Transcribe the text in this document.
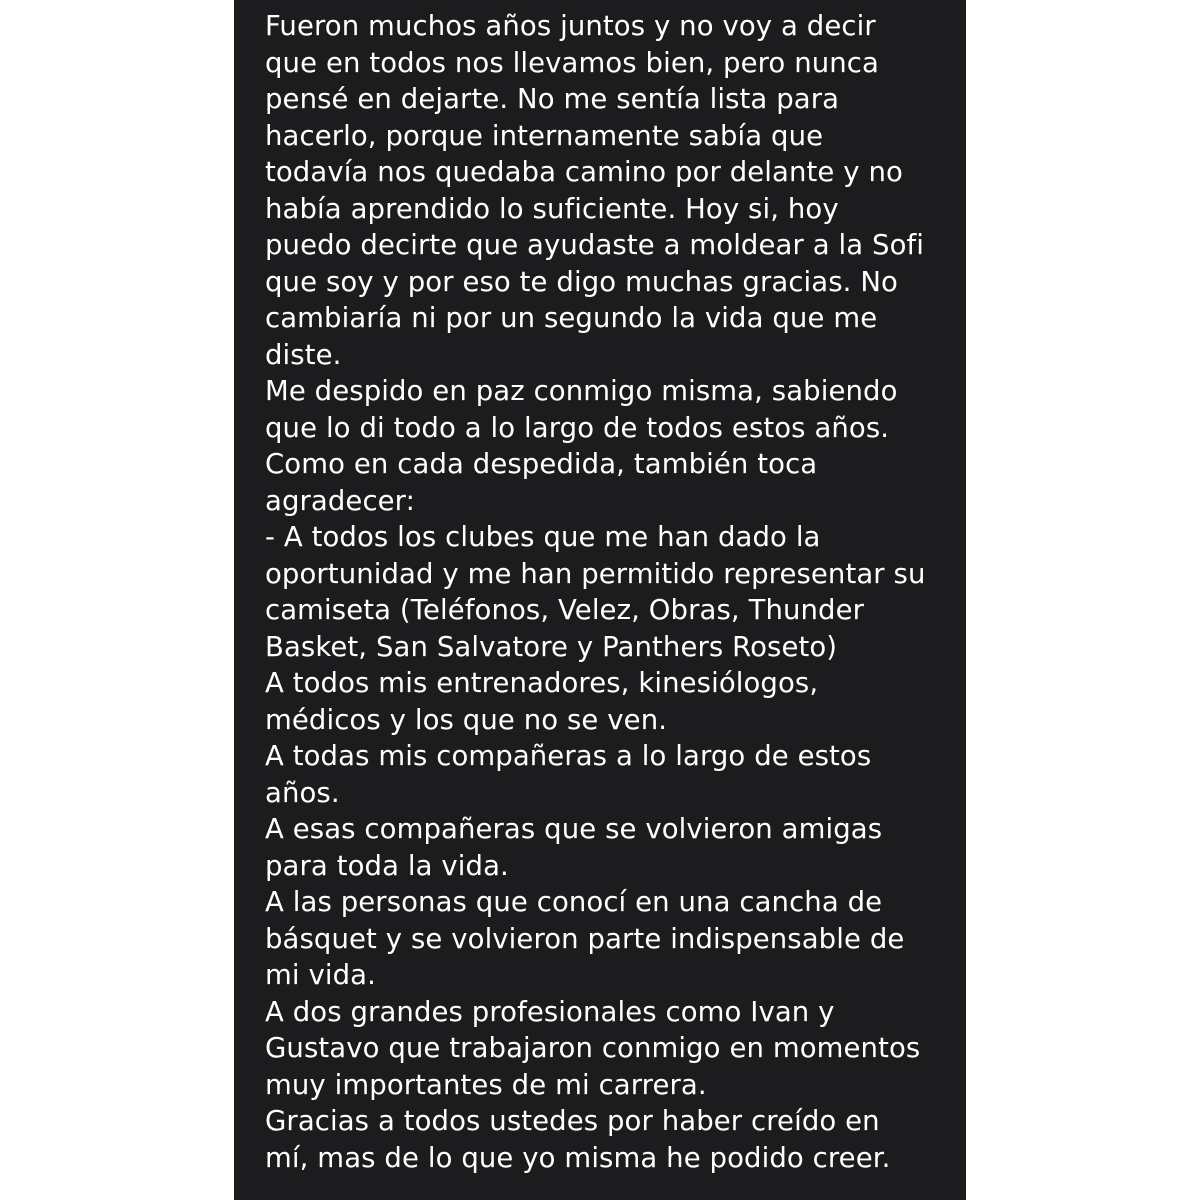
Fueron muchos años juntos y no voy a decir
que en todos nos llevamos bien, pero nunca
pensé en dejarte. No me sentía lista para
hacerlo, porque internamente sabía que
todavía nos quedaba camino por delante y no
había aprendido lo suficiente. Hoy si, hoy
puedo decirte que ayudaste a moldear a la Sofi
que soy y por eso te digo muchas gracias. No
cambiaría ni por un segundo la vida que me
diste.
Me despido en paz conmigo misma, sabiendo
que lo di todo a lo largo de todos estos años.
Como en cada despedida, también toca
agradecer:
- A todos los clubes que me han dado la
oportunidad y me han permitido representar su
camiseta (Teléfonos, Velez, Obras, Thunder
Basket, San Salvatore y Panthers Roseto)
A todos mis entrenadores, kinesiólogos,
médicos y los que no se ven.
A todas mis compañeras a lo largo de estos
años.
A esas compañeras que se volvieron amigas
para toda la vida.
A las personas que conocí en una cancha de
básquet y se volvieron parte indispensable de
mi vida.
A dos grandes profesionales como Ivan y
Gustavo que trabajaron conmigo en momentos
muy importantes de mi carrera.
Gracias a todos ustedes por haber creído en
mí, mas de lo que yo misma he podido creer.
